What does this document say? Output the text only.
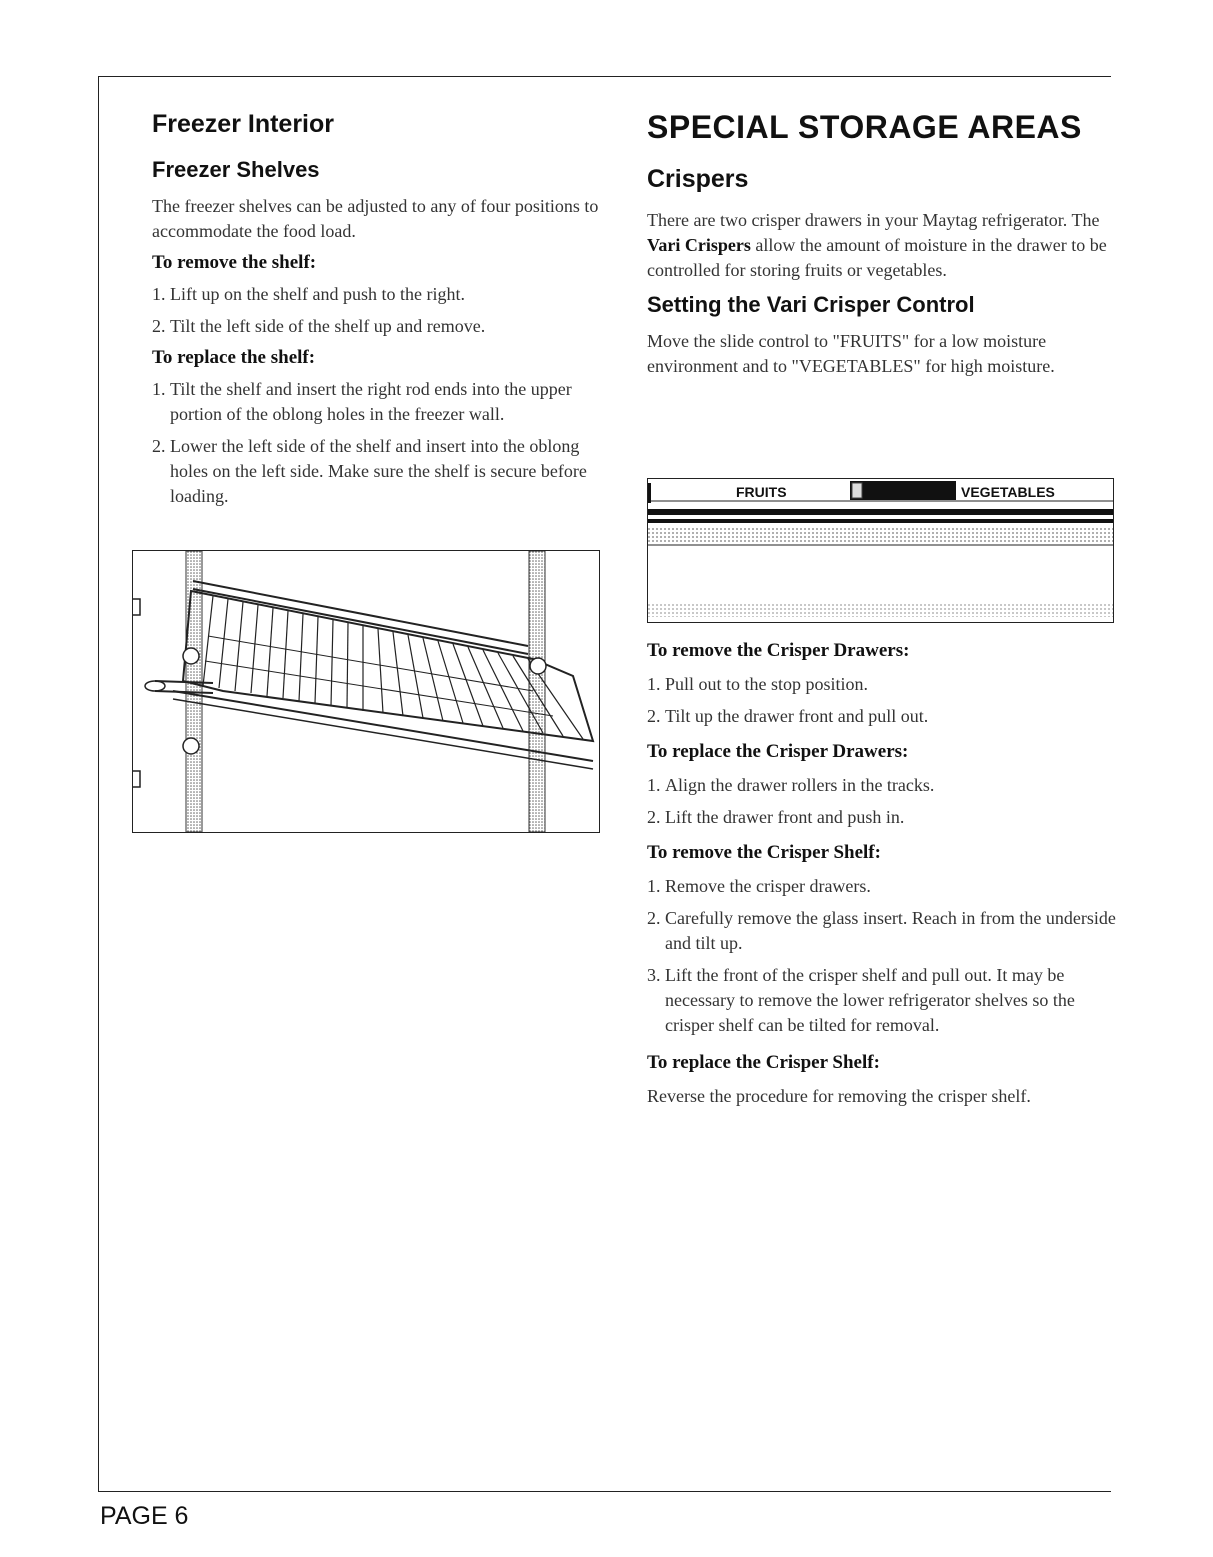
Freezer Interior
Freezer Shelves

The freezer shelves can be adjusted to any of four positions to accommodate the food load.

To remove the shelf:
1. Lift up on the shelf and push to the right.
2. Tilt the left side of the shelf up and remove.
To replace the shelf:
1. Tilt the shelf and insert the right rod ends into the upper portion of the oblong holes in the freezer wall.
2. Lower the left side of the shelf and insert into the oblong holes on the left side. Make sure the shelf is secure before loading.
SPECIAL STORAGE AREAS
Crispers

There are two crisper drawers in your Maytag refrigerator. The Vari Crispers allow the amount of moisture in the drawer to be controlled for storing fruits or vegetables.

Setting the Vari Crisper Control

Move the slide control to "FRUITS" for a low moisture environment and to "VEGETABLES" for high moisture.

FRUITS	VEGETABLES
To remove the Crisper Drawers:
1. Pull out to the stop position.
2. Tilt up the drawer front and pull out.
To replace the Crisper Drawers:
1. Align the drawer rollers in the tracks.
2. Lift the drawer front and push in.
To remove the Crisper Shelf:
1. Remove the crisper drawers.
2. Carefully remove the glass insert. Reach in from the underside and tilt up.
3. Lift the front of the crisper shelf and pull out. It may be necessary to remove the lower refrigerator shelves so the crisper shelf can be tilted for removal.
To replace the Crisper Shelf:

Reverse the procedure for removing the crisper shelf.

PAGE 6
